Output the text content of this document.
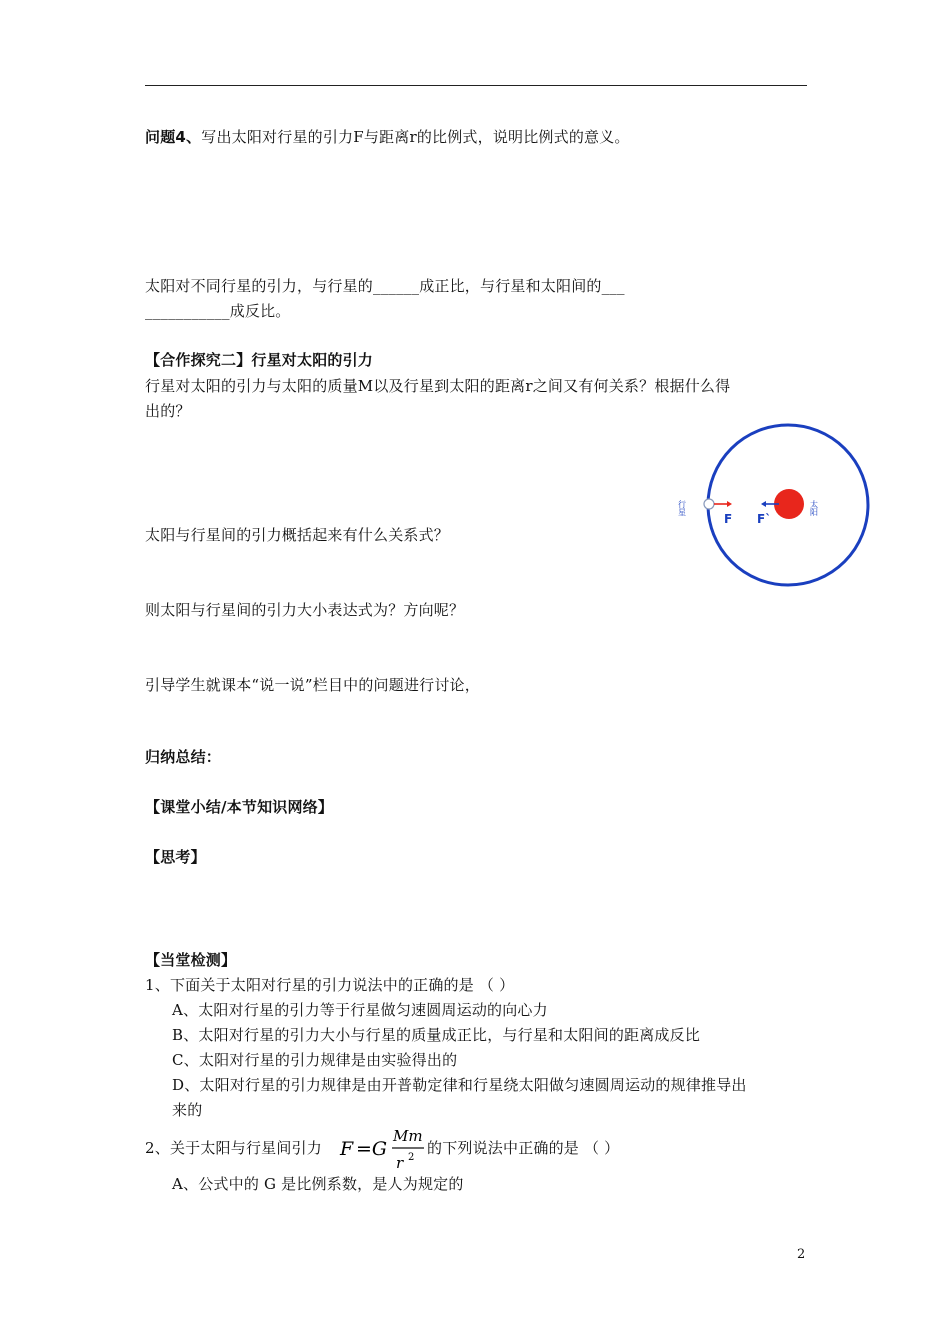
问题4、写出太阳对行星的引力F与距离r的比例式，说明比例式的意义。
太阳对不同行星的引力，与行星的______成正比，与行星和太阳间的___
___________成反比。
【合作探究二】行星对太阳的引力
行星对太阳的引力与太阳的质量M以及行星到太阳的距离r之间又有何关系？根据什么得
出的？
太阳与行星间的引力概括起来有什么关系式？
则太阳与行星间的引力大小表达式为？方向呢？
引导学生就课本“说一说”栏目中的问题进行讨论，
归纳总结：
【课堂小结/本节知识网络】
【思考】
【当堂检测】
1、下面关于太阳对行星的引力说法中的正确的是 （ ）
A、太阳对行星的引力等于行星做匀速圆周运动的向心力
B、太阳对行星的引力大小与行星的质量成正比，与行星和太阳间的距离成反比
C、太阳对行星的引力规律是由实验得出的
D、太阳对行星的引力规律是由开普勒定律和行星绕太阳做匀速圆周运动的规律推导出
来的
2、关于太阳与行星间引力 F =G
Mm
r 2
的下列说法中正确的是 （ ）
A、公式中的 G 是比例系数，是人为规定的
F F`
行星	太阳
2
